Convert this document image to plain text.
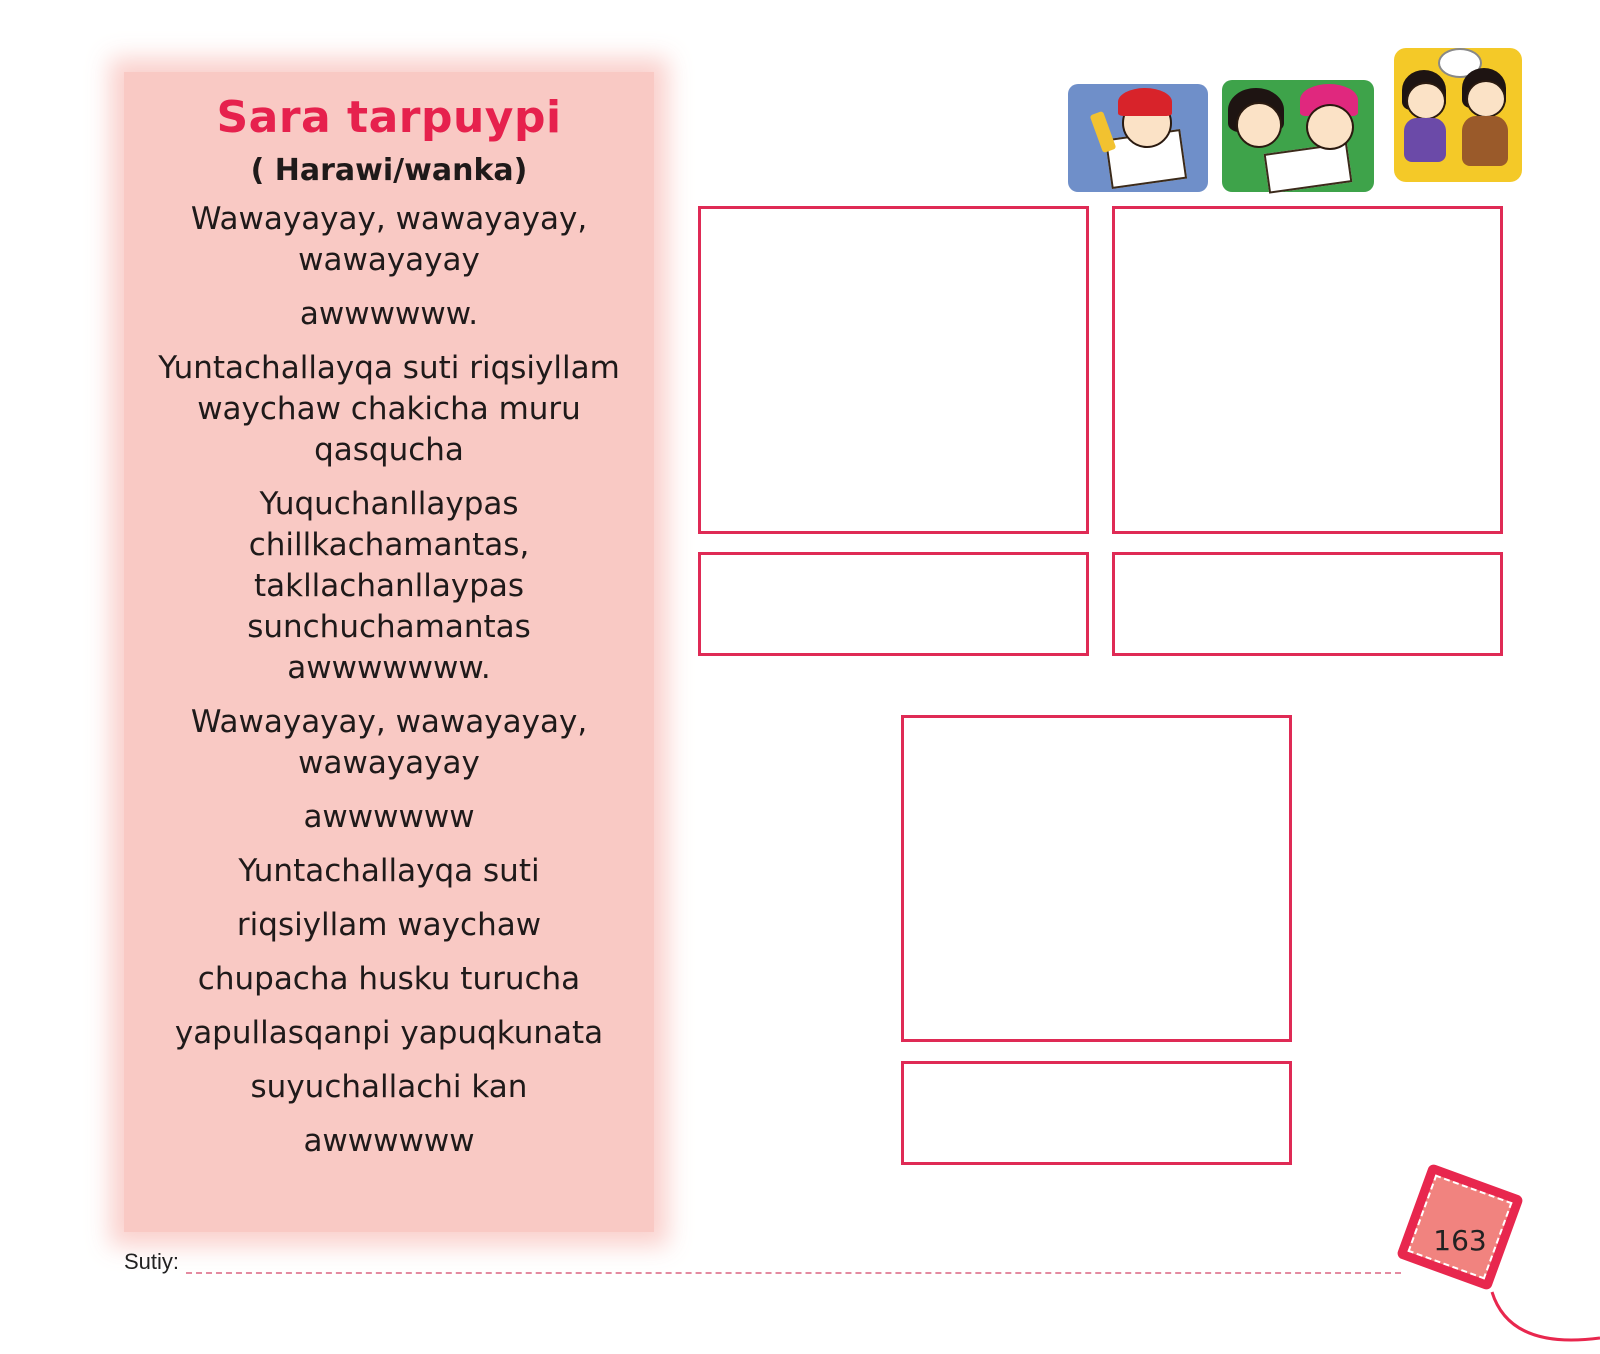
Sara tarpuypi
( Harawi/wanka)
Wawayayay, wawayayay, wawayayay
awwwwww.
Yuntachallayqa suti riqsiyllam waychaw chakicha muru qasqucha
Yuquchanllaypas chillkachamantas, takllachanllaypas sunchuchamantas awwwwwww.
Wawayayay, wawayayay, wawayayay
awwwwww
Yuntachallayqa suti
riqsiyllam waychaw
chupacha husku turucha
yapullasqanpi yapuqkunata
suyuchallachi kan
awwwwww
Sutiy:
163
